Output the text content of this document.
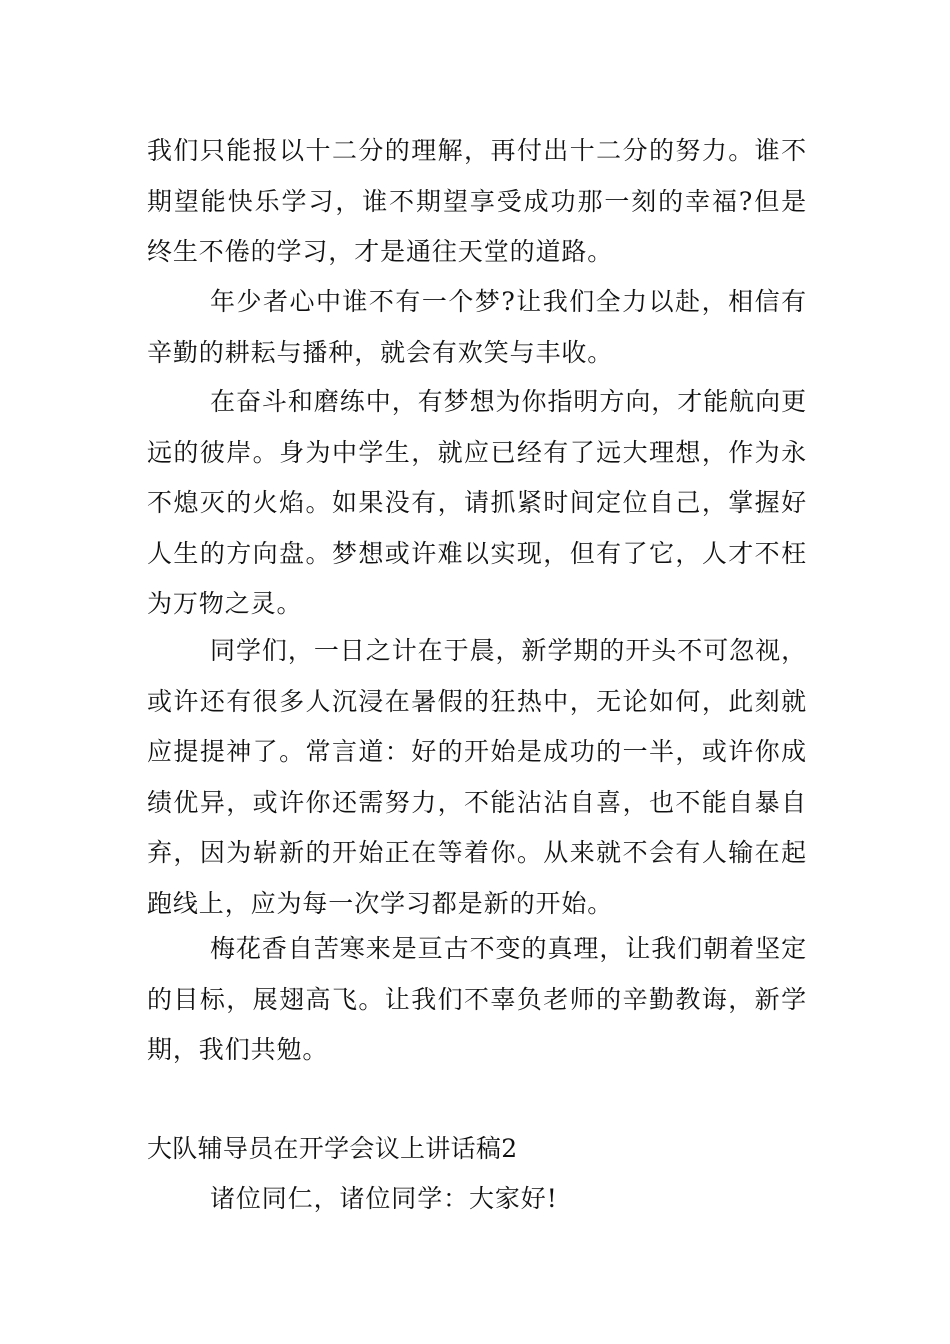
我们只能报以十二分的理解，再付出十二分的努力。谁不期望能快乐学习，谁不期望享受成功那一刻的幸福?但是终生不倦的学习，才是通往天堂的道路。

年少者心中谁不有一个梦?让我们全力以赴，相信有辛勤的耕耘与播种，就会有欢笑与丰收。

在奋斗和磨练中，有梦想为你指明方向，才能航向更远的彼岸。身为中学生，就应已经有了远大理想，作为永不熄灭的火焰。如果没有，请抓紧时间定位自己，掌握好人生的方向盘。梦想或许难以实现，但有了它，人才不枉为万物之灵。

同学们，一日之计在于晨，新学期的开头不可忽视，或许还有很多人沉浸在暑假的狂热中，无论如何，此刻就应提提神了。常言道：好的开始是成功的一半，或许你成绩优异，或许你还需努力，不能沾沾自喜，也不能自暴自弃，因为崭新的开始正在等着你。从来就不会有人输在起跑线上，应为每一次学习都是新的开始。

梅花香自苦寒来是亘古不变的真理，让我们朝着坚定的目标，展翅高飞。让我们不辜负老师的辛勤教诲，新学期，我们共勉。

大队辅导员在开学会议上讲话稿2

诸位同仁，诸位同学：大家好!
